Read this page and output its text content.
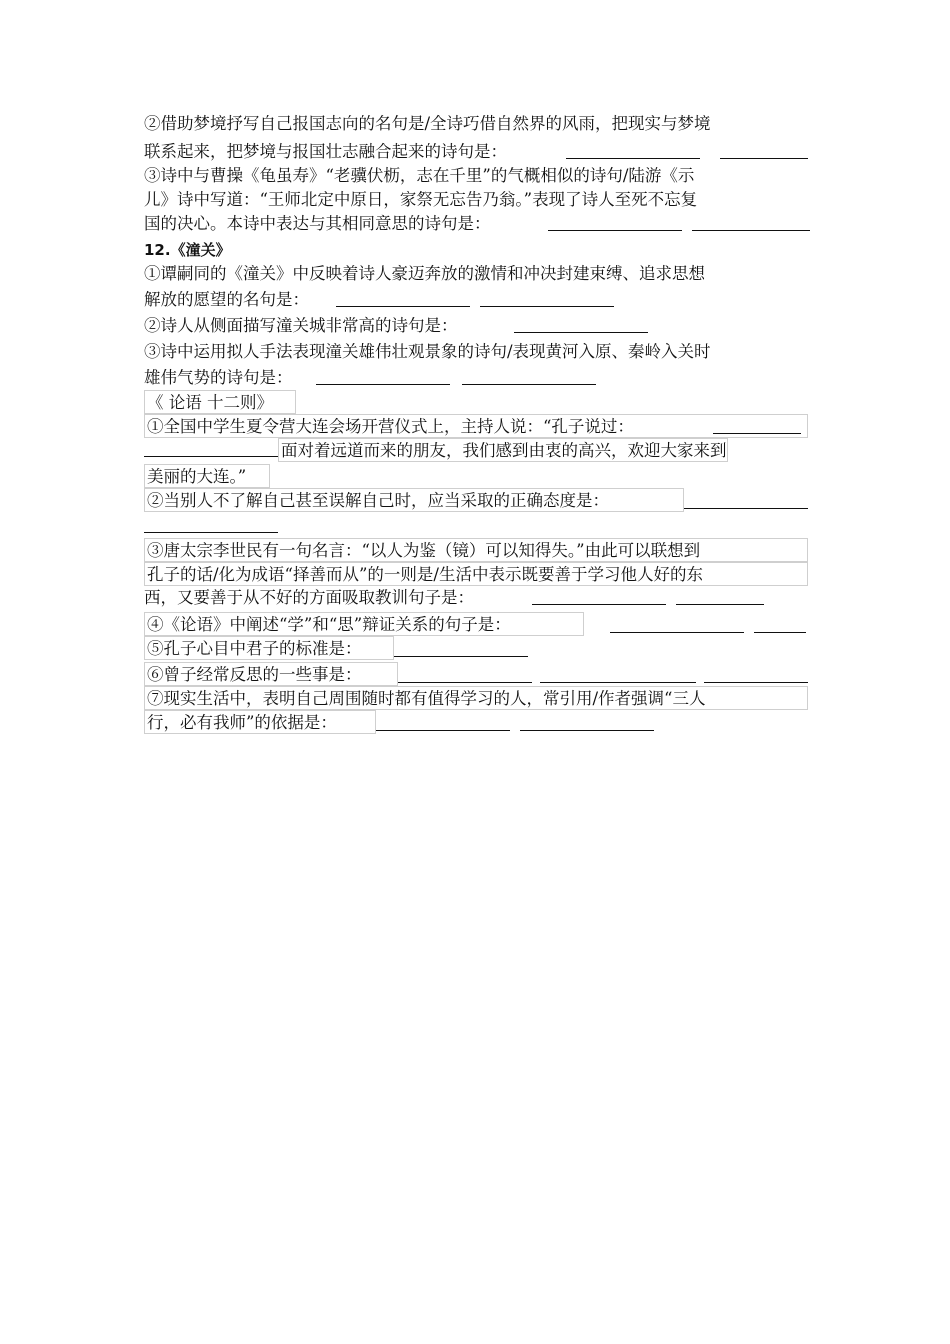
②借助梦境抒写自己报国志向的名句是/全诗巧借自然界的风雨，把现实与梦境
联系起来，把梦境与报国壮志融合起来的诗句是：
③诗中与曹操《龟虽寿》“老骥伏枥，志在千里”的气概相似的诗句/陆游《示
儿》诗中写道：“王师北定中原日，家祭无忘告乃翁。”表现了诗人至死不忘复
国的决心。本诗中表达与其相同意思的诗句是：
12.《潼关》
①谭嗣同的《潼关》中反映着诗人豪迈奔放的激情和冲决封建束缚、追求思想
解放的愿望的名句是：
②诗人从侧面描写潼关城非常高的诗句是：
③诗中运用拟人手法表现潼关雄伟壮观景象的诗句/表现黄河入原、秦岭入关时
雄伟气势的诗句是：
《 论语 十二则》
①全国中学生夏令营大连会场开营仪式上，主持人说：“孔子说过：
面对着远道而来的朋友，我们感到由衷的高兴，欢迎大家来到
美丽的大连。”
②当别人不了解自己甚至误解自己时，应当采取的正确态度是：
③唐太宗李世民有一句名言：“以人为鉴（镜）可以知得失。”由此可以联想到
孔子的话/化为成语“择善而从”的一则是/生活中表示既要善于学习他人好的东
西，又要善于从不好的方面吸取教训句子是：
④《论语》中阐述“学”和“思”辩证关系的句子是：
⑤孔子心目中君子的标准是：
⑥曾子经常反思的一些事是：
⑦现实生活中，表明自己周围随时都有值得学习的人，常引用/作者强调“三人
行，必有我师”的依据是：
